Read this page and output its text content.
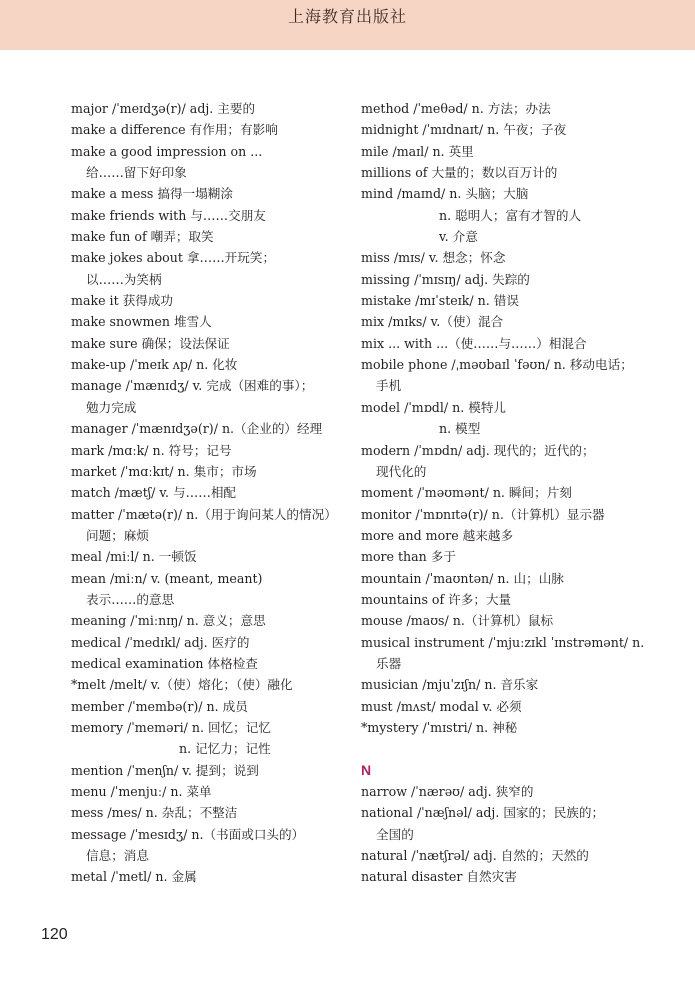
上海教育出版社
major /ˈmeɪdʒə(r)/ adj. 主要的
make a difference 有作用；有影响
make a good impression on ...
给……留下好印象
make a mess 搞得一塌糊涂
make friends with 与……交朋友
make fun of 嘲弄；取笑
make jokes about 拿……开玩笑；
以……为笑柄
make it 获得成功
make snowmen 堆雪人
make sure 确保；设法保证
make-up /ˈmeɪk ʌp/ n. 化妆
manage /ˈmænɪdʒ/ v. 完成（困难的事）；
勉力完成
manager /ˈmænɪdʒə(r)/ n.（企业的）经理
mark /mɑːk/ n. 符号；记号
market /ˈmɑːkɪt/ n. 集市；市场
match /mætʃ/ v. 与……相配
matter /ˈmætə(r)/ n.（用于询问某人的情况）
问题；麻烦
meal /miːl/ n. 一顿饭
mean /miːn/ v. (meant, meant)
表示……的意思
meaning /ˈmiːnɪŋ/ n. 意义；意思
medical /ˈmedɪkl/ adj. 医疗的
medical examination 体格检查
*melt /melt/ v.（使）熔化；（使）融化
member /ˈmembə(r)/ n. 成员
memory /ˈmeməri/ n. 回忆；记忆
n. 记忆力；记性
mention /ˈmenʃn/ v. 提到；说到
menu /ˈmenjuː/ n. 菜单
mess /mes/ n. 杂乱；不整洁
message /ˈmesɪdʒ/ n.（书面或口头的）
信息；消息
metal /ˈmetl/ n. 金属
method /ˈmeθəd/ n. 方法；办法
midnight /ˈmɪdnaɪt/ n. 午夜；子夜
mile /maɪl/ n. 英里
millions of 大量的；数以百万计的
mind /maɪnd/ n. 头脑；大脑
n. 聪明人；富有才智的人
v. 介意
miss /mɪs/ v. 想念；怀念
missing /ˈmɪsɪŋ/ adj. 失踪的
mistake /mɪˈsteɪk/ n. 错误
mix /mɪks/ v.（使）混合
mix ... with ...（使……与……）相混合
mobile phone /ˌməʊbaɪl ˈfəʊn/ n. 移动电话；
手机
model /ˈmɒdl/ n. 模特儿
n. 模型
modern /ˈmɒdn/ adj. 现代的；近代的；
现代化的
moment /ˈməʊmənt/ n. 瞬间；片刻
monitor /ˈmɒnɪtə(r)/ n.（计算机）显示器
more and more 越来越多
more than 多于
mountain /ˈmaʊntən/ n. 山；山脉
mountains of 许多；大量
mouse /maʊs/ n.（计算机）鼠标
musical instrument /ˈmjuːzɪkl ˈɪnstrəmənt/ n.
乐器
musician /mjuˈzɪʃn/ n. 音乐家
must /mʌst/ modal v. 必须
*mystery /ˈmɪstri/ n. 神秘
N
narrow /ˈnærəʊ/ adj. 狭窄的
national /ˈnæʃnəl/ adj. 国家的；民族的；
全国的
natural /ˈnætʃrəl/ adj. 自然的；天然的
natural disaster 自然灾害
120
